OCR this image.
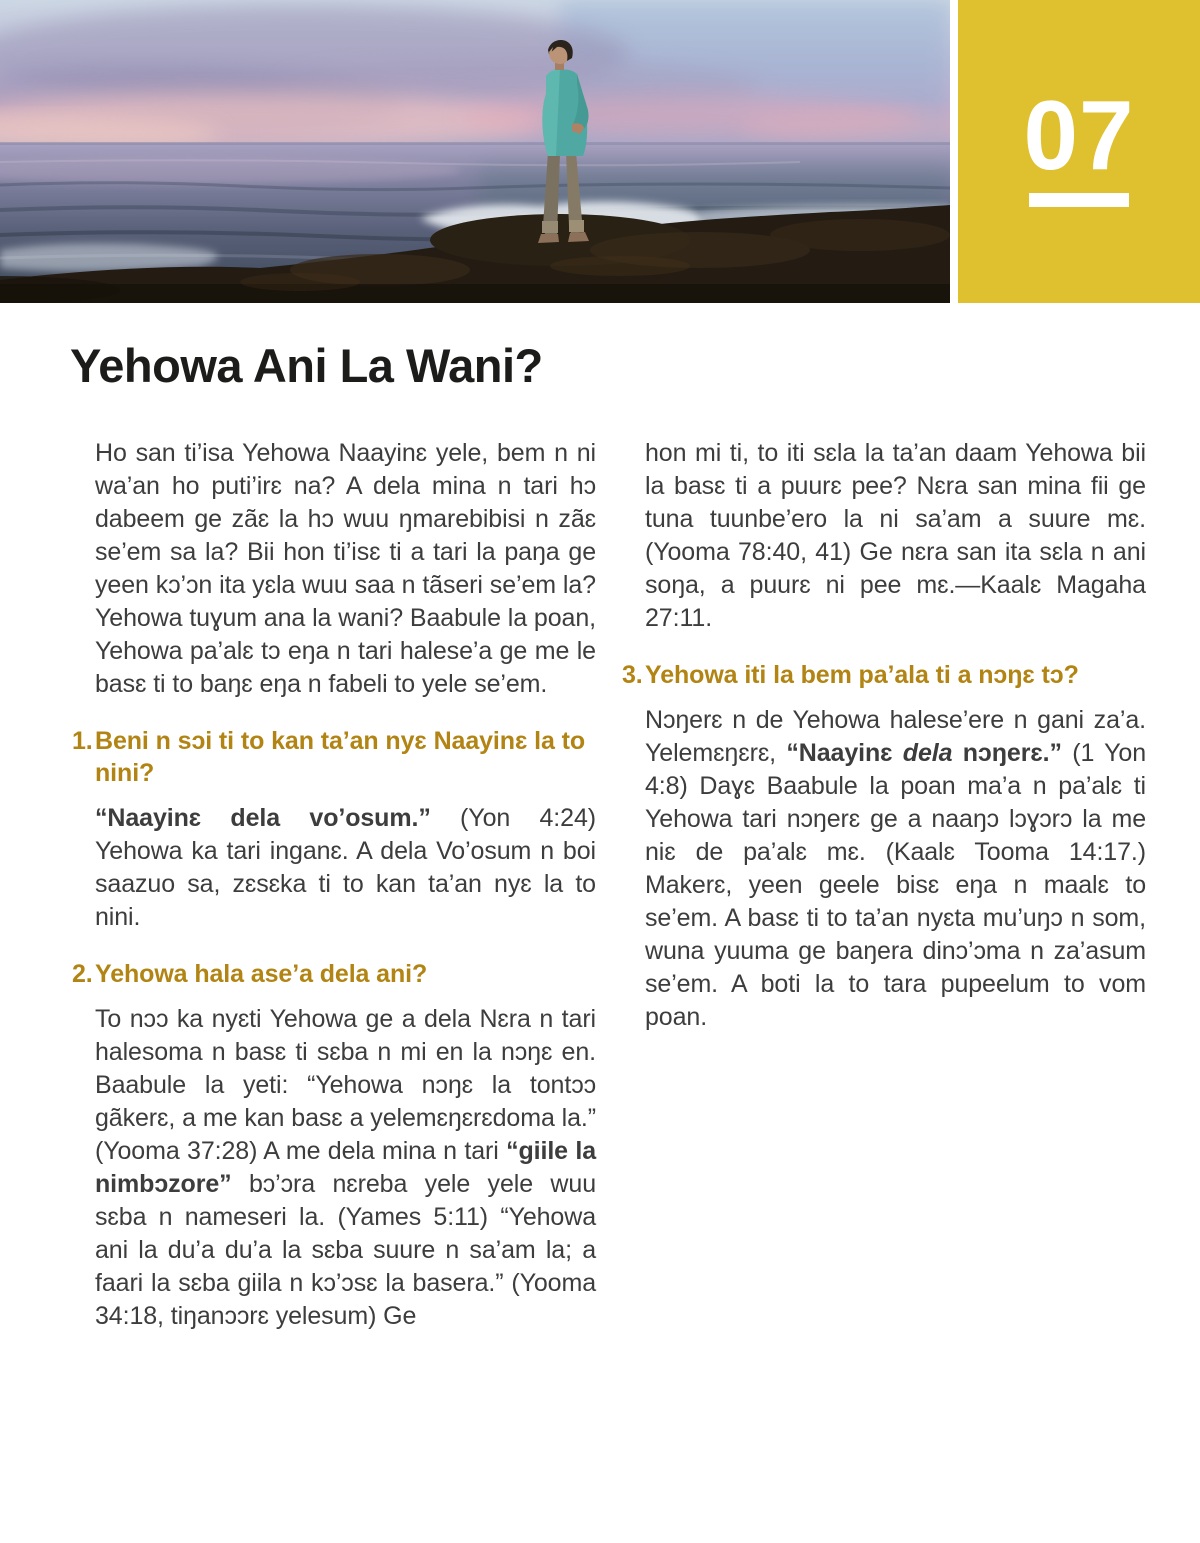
07
Yehowa Ani La Wani?

Ho san ti’isa Yehowa Naayinɛ yele, bem n ni wa’an ho puti’irɛ na? A dela mina n tari hɔ dabeem ge zãɛ la hɔ wuu ŋmarebibisi n zãɛ se’em sa la? Bii hon ti’isɛ ti a tari la paŋa ge yeen kɔ’ɔn ita yɛla wuu saa n tãseri se’em la? Yehowa tuɣum ana la wani? Baabule la poan, Yehowa pa’alɛ tɔ eŋa n tari halese’a ge me le basɛ ti to baŋɛ eŋa n fabeli to yele se’em.

1. Beni n sɔi ti to kan ta’an nyɛ Naayinɛ la to nini?

“Naayinɛ dela vo’osum.” (Yon 4:24) Yehowa ka tari inganɛ. A dela Vo’osum n boi saazuo sa, zɛsɛka ti to kan ta’an nyɛ la to nini.

2. Yehowa hala ase’a dela ani?

To nɔɔ ka nyɛti Yehowa ge a dela Nɛra n tari halesoma n basɛ ti sɛba n mi en la nɔŋɛ en. Baabule la yeti: “Yehowa nɔŋɛ la tontɔɔ gãkerɛ, a me kan basɛ a yelemɛŋɛrɛdoma la.” (Yooma 37:28) A me dela mina n tari “giile la nimbɔzore” bɔ’ɔra nɛreba yele yele wuu sɛba n nameseri la. (Yames 5:11) “Yehowa ani la du’a du’a la sɛba suure n sa’am la; a faari la sɛba giila n kɔ’ɔsɛ la basera.” (Yooma 34:18, tiŋanɔɔrɛ yelesum) Ge

hon mi ti, to iti sɛla la ta’an daam Yehowa bii la basɛ ti a puurɛ pee? Nɛra san mina fii ge tuna tuunbe’ero la ni sa’am a suure mɛ. (Yooma 78:40, 41) Ge nɛra san ita sɛla n ani soŋa, a puurɛ ni pee mɛ.—Kaalɛ Magaha 27:11.

3. Yehowa iti la bem pa’ala ti a nɔŋɛ tɔ?

Nɔŋerɛ n de Yehowa halese’ere n gani za’a. Yelemɛŋɛrɛ, “Naayinɛ dela nɔŋerɛ.” (1 Yon 4:8) Daɣɛ Baabule la poan ma’a n pa’alɛ ti Yehowa tari nɔŋerɛ ge a naaŋɔ lɔɣɔrɔ la me niɛ de pa’alɛ mɛ. (Kaalɛ Tooma 14:17.) Makerɛ, yeen geele bisɛ eŋa n maalɛ to se’em. A basɛ ti to ta’an nyɛta mu’uŋɔ n som, wuna yuuma ge baŋera dinɔ’ɔma n za’asum se’em. A boti la to tara pupeelum to vom poan.
